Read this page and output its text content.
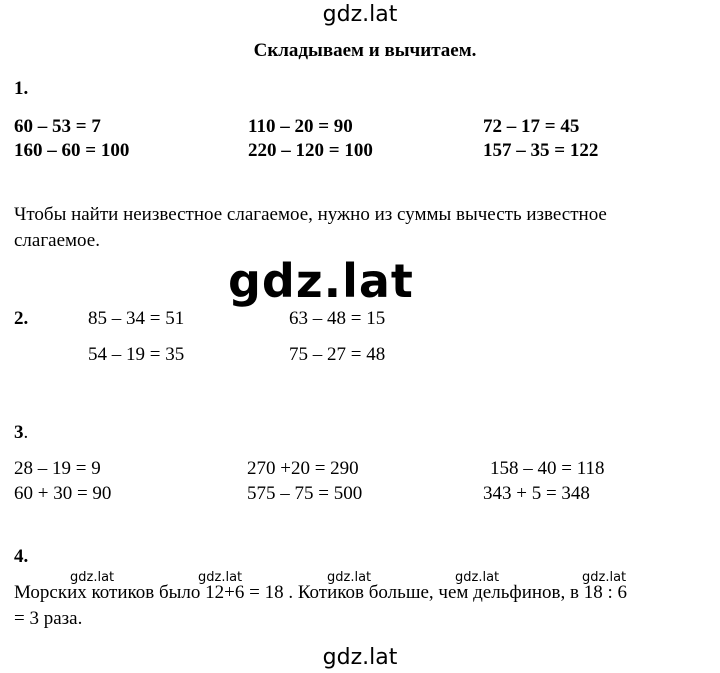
gdz.lat
gdz.lat
gdz.lat
Складываем и вычитаем.
1.
60 – 53 = 7	110 – 20 = 90	72 – 17 = 45
160 – 60 = 100	220 – 120 = 100	157 – 35 = 122
Чтобы найти неизвестное слагаемое, нужно из суммы вычесть известное
слагаемое.
2.	85 – 34 = 51	63 – 48 = 15
54 – 19 = 35	75 – 27 = 48
3.
28 – 19 = 9	270 +20 = 290	158 – 40 = 118
60 + 30 = 90	575 – 75 = 500	343 + 5 = 348
4.
Морских котиков было 12+6 = 18 . Котиков больше, чем дельфинов, в 18 : 6
= 3 раза.
gdz.lat	gdz.lat	gdz.lat	gdz.lat	gdz.lat
